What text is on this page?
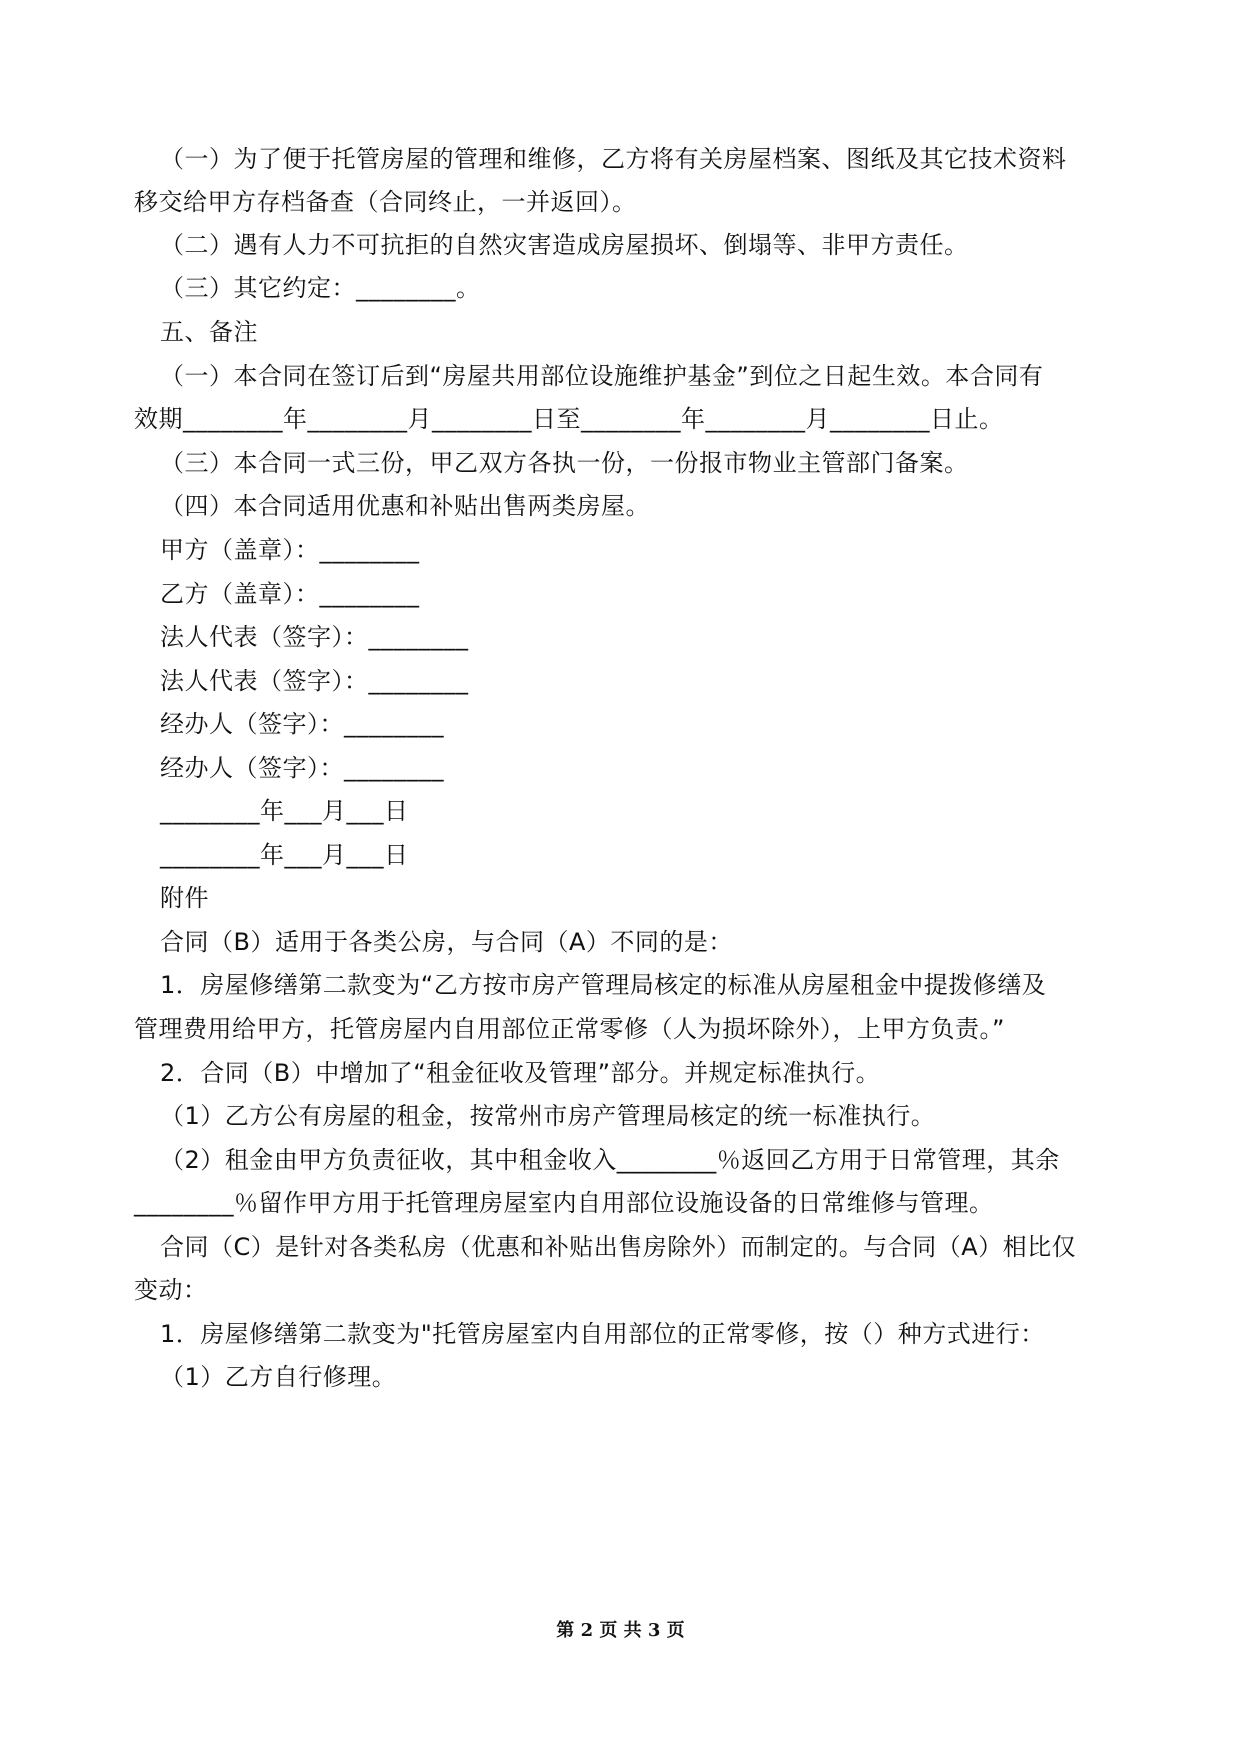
（一）为了便于托管房屋的管理和维修，乙方将有关房屋档案、图纸及其它技术资料
移交给甲方存档备查（合同终止，一并返回）。
（二）遇有人力不可抗拒的自然灾害造成房屋损坏、倒塌等、非甲方责任。
（三）其它约定：________。
五、备注
（一）本合同在签订后到“房屋共用部位设施维护基金”到位之日起生效。本合同有
效期________年________月________日至________年________月________日止。
（三）本合同一式三份，甲乙双方各执一份，一份报市物业主管部门备案。
（四）本合同适用优惠和补贴出售两类房屋。
甲方（盖章）：________
乙方（盖章）：________
法人代表（签字）：________
法人代表（签字）：________
经办人（签字）：________
经办人（签字）：________
________年___月___日
________年___月___日
附件
合同（B）适用于各类公房，与合同（A）不同的是：
1．房屋修缮第二款变为“乙方按市房产管理局核定的标准从房屋租金中提拨修缮及
管理费用给甲方，托管房屋内自用部位正常零修（人为损坏除外），上甲方负责。”
2．合同（B）中增加了“租金征收及管理”部分。并规定标准执行。
（1）乙方公有房屋的租金，按常州市房产管理局核定的统一标准执行。
（2）租金由甲方负责征收，其中租金收入________％返回乙方用于日常管理，其余
________％留作甲方用于托管理房屋室内自用部位设施设备的日常维修与管理。
合同（C）是针对各类私房（优惠和补贴出售房除外）而制定的。与合同（A）相比仅
变动：
1．房屋修缮第二款变为"托管房屋室内自用部位的正常零修，按（）种方式进行：
（1）乙方自行修理。
第 2 页 共 3 页
